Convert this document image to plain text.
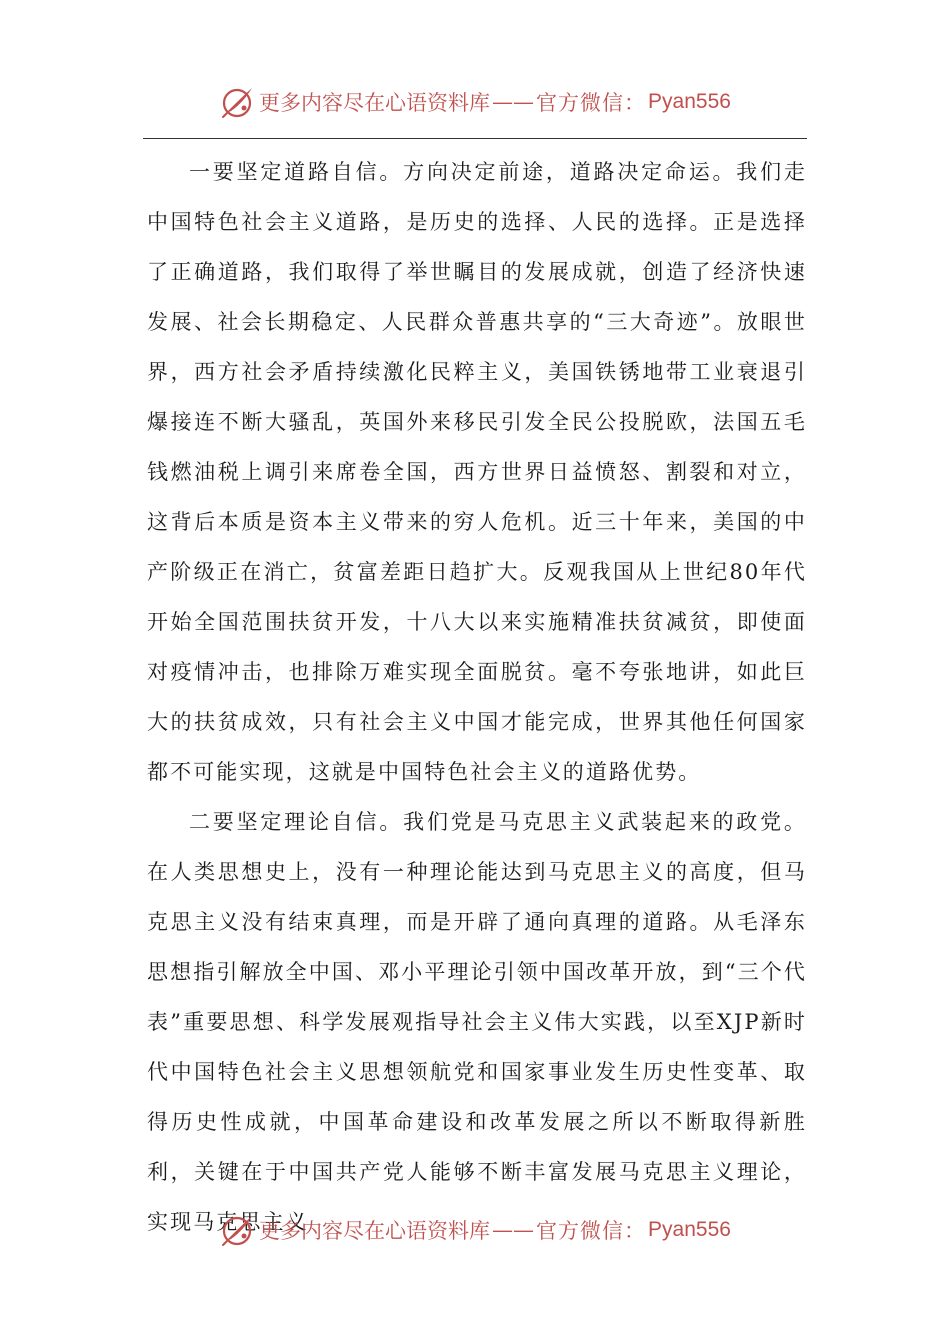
更多内容尽在心语资料库 —— 官方微信： Pyan556

一要坚定道路自信。方向决定前途，道路决定命运。我们走中国特色社会主义道路，是历史的选择、人民的选择。正是选择了正确道路，我们取得了举世瞩目的发展成就，创造了经济快速发展、社会长期稳定、人民群众普惠共享的“三大奇迹”。放眼世界，西方社会矛盾持续激化民粹主义，美国铁锈地带工业衰退引爆接连不断大骚乱，英国外来移民引发全民公投脱欧，法国五毛钱燃油税上调引来席卷全国，西方世界日益愤怒、割裂和对立，这背后本质是资本主义带来的穷人危机。近三十年来，美国的中产阶级正在消亡，贫富差距日趋扩大。反观我国从上世纪80年代开始全国范围扶贫开发，十八大以来实施精准扶贫减贫，即使面对疫情冲击，也排除万难实现全面脱贫。毫不夸张地讲，如此巨大的扶贫成效，只有社会主义中国才能完成，世界其他任何国家都不可能实现，这就是中国特色社会主义的道路优势。

二要坚定理论自信。我们党是马克思主义武装起来的政党。在人类思想史上，没有一种理论能达到马克思主义的高度，但马克思主义没有结束真理，而是开辟了通向真理的道路。从毛泽东思想指引解放全中国、邓小平理论引领中国改革开放，到“三个代表”重要思想、科学发展观指导社会主义伟大实践，以至XJP新时代中国特色社会主义思想领航党和国家事业发生历史性变革、取得历史性成就，中国革命建设和改革发展之所以不断取得新胜利，关键在于中国共产党人能够不断丰富发展马克思主义理论，实现马克思主义

更多内容尽在心语资料库 —— 官方微信： Pyan556
